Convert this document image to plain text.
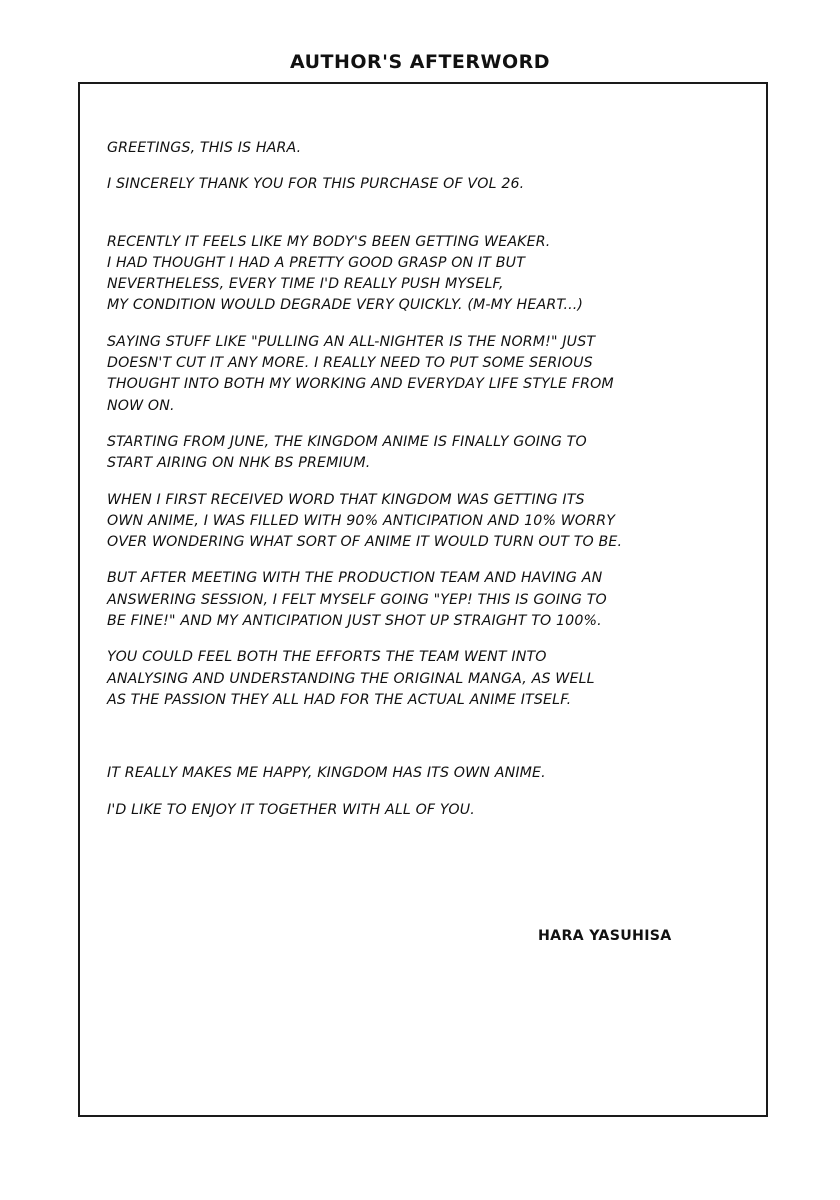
AUTHOR'S AFTERWORD

GREETINGS, THIS IS HARA.

I SINCERELY THANK YOU FOR THIS PURCHASE OF VOL 26.

RECENTLY IT FEELS LIKE MY BODY'S BEEN GETTING WEAKER.
I HAD THOUGHT I HAD A PRETTY GOOD GRASP ON IT BUT
NEVERTHELESS, EVERY TIME I'D REALLY PUSH MYSELF,
MY CONDITION WOULD DEGRADE VERY QUICKLY. (M-MY HEART...)

SAYING STUFF LIKE "PULLING AN ALL-NIGHTER IS THE NORM!" JUST
DOESN'T CUT IT ANY MORE. I REALLY NEED TO PUT SOME SERIOUS
THOUGHT INTO BOTH MY WORKING AND EVERYDAY LIFE STYLE FROM
NOW ON.

STARTING FROM JUNE, THE KINGDOM ANIME IS FINALLY GOING TO
START AIRING ON NHK BS PREMIUM.

WHEN I FIRST RECEIVED WORD THAT KINGDOM WAS GETTING ITS
OWN ANIME, I WAS FILLED WITH 90% ANTICIPATION AND 10% WORRY
OVER WONDERING WHAT SORT OF ANIME IT WOULD TURN OUT TO BE.

BUT AFTER MEETING WITH THE PRODUCTION TEAM AND HAVING AN
ANSWERING SESSION, I FELT MYSELF GOING "YEP! THIS IS GOING TO
BE FINE!" AND MY ANTICIPATION JUST SHOT UP STRAIGHT TO 100%.

YOU COULD FEEL BOTH THE EFFORTS THE TEAM WENT INTO
ANALYSING AND UNDERSTANDING THE ORIGINAL MANGA, AS WELL
AS THE PASSION THEY ALL HAD FOR THE ACTUAL ANIME ITSELF.

IT REALLY MAKES ME HAPPY, KINGDOM HAS ITS OWN ANIME.

I'D LIKE TO ENJOY IT TOGETHER WITH ALL OF YOU.

HARA YASUHISA
